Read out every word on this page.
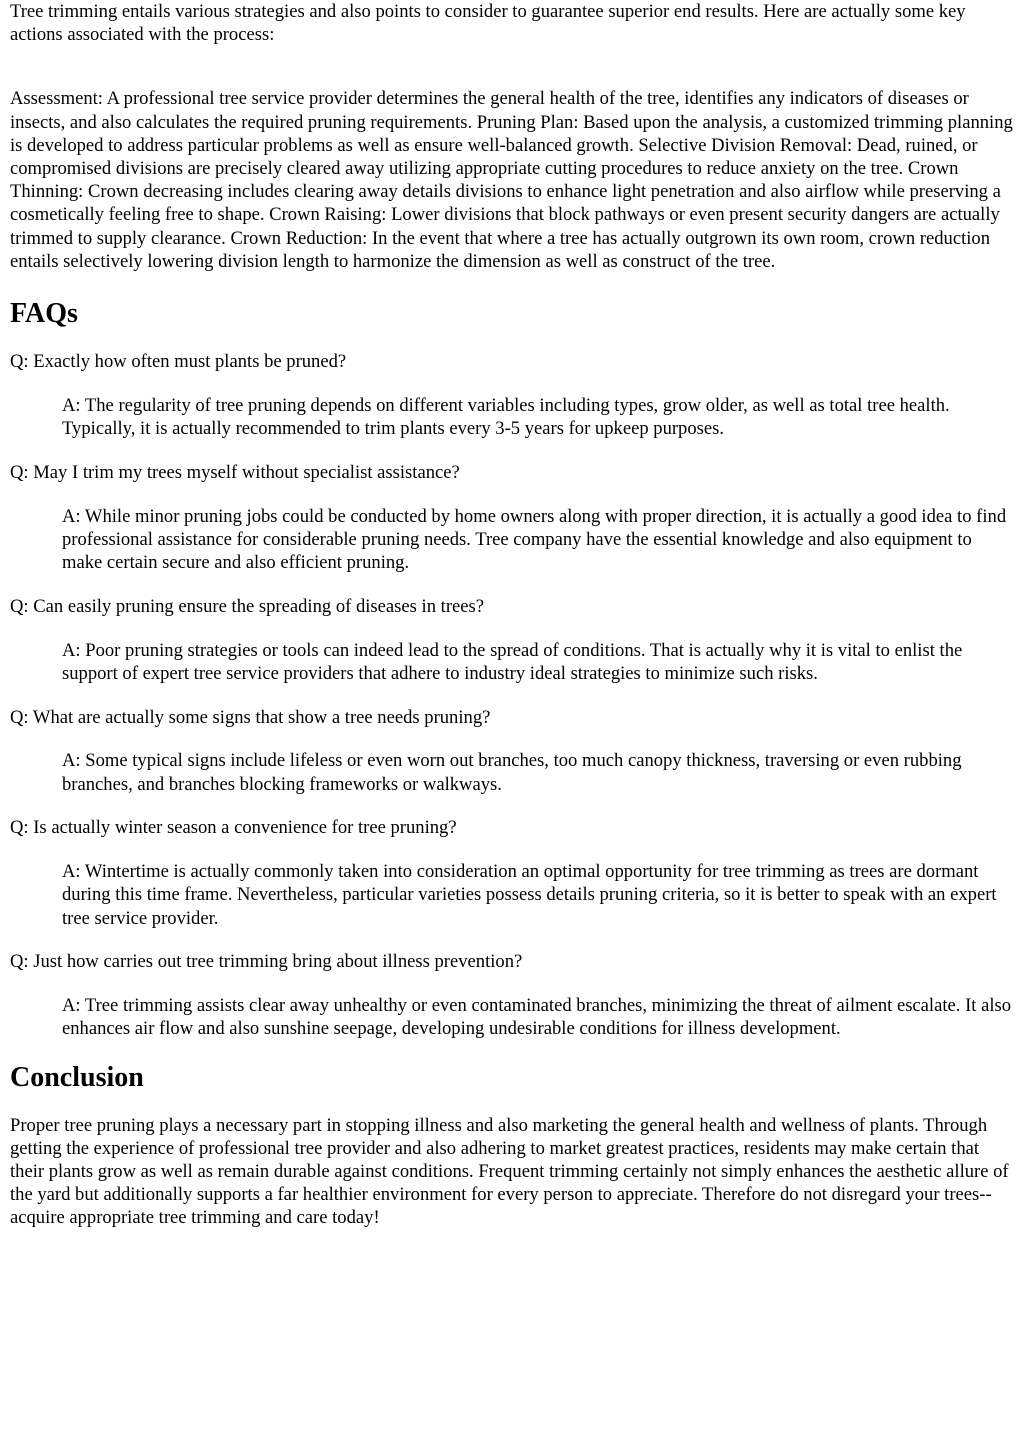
Tree trimming entails various strategies and also points to consider to guarantee superior end results. Here are actually some key actions associated with the process:

Assessment: A professional tree service provider determines the general health of the tree, identifies any indicators of diseases or insects, and also calculates the required pruning requirements. Pruning Plan: Based upon the analysis, a customized trimming planning is developed to address particular problems as well as ensure well-balanced growth. Selective Division Removal: Dead, ruined, or compromised divisions are precisely cleared away utilizing appropriate cutting procedures to reduce anxiety on the tree. Crown Thinning: Crown decreasing includes clearing away details divisions to enhance light penetration and also airflow while preserving a cosmetically feeling free to shape. Crown Raising: Lower divisions that block pathways or even present security dangers are actually trimmed to supply clearance. Crown Reduction: In the event that where a tree has actually outgrown its own room, crown reduction entails selectively lowering division length to harmonize the dimension as well as construct of the tree.

FAQs

Q: Exactly how often must plants be pruned?

A: The regularity of tree pruning depends on different variables including types, grow older, as well as total tree health. Typically, it is actually recommended to trim plants every 3-5 years for upkeep purposes.

Q: May I trim my trees myself without specialist assistance?

A: While minor pruning jobs could be conducted by home owners along with proper direction, it is actually a good idea to find professional assistance for considerable pruning needs. Tree company have the essential knowledge and also equipment to make certain secure and also efficient pruning.

Q: Can easily pruning ensure the spreading of diseases in trees?

A: Poor pruning strategies or tools can indeed lead to the spread of conditions. That is actually why it is vital to enlist the support of expert tree service providers that adhere to industry ideal strategies to minimize such risks.

Q: What are actually some signs that show a tree needs pruning?

A: Some typical signs include lifeless or even worn out branches, too much canopy thickness, traversing or even rubbing branches, and branches blocking frameworks or walkways.

Q: Is actually winter season a convenience for tree pruning?

A: Wintertime is actually commonly taken into consideration an optimal opportunity for tree trimming as trees are dormant during this time frame. Nevertheless, particular varieties possess details pruning criteria, so it is better to speak with an expert tree service provider.

Q: Just how carries out tree trimming bring about illness prevention?

A: Tree trimming assists clear away unhealthy or even contaminated branches, minimizing the threat of ailment escalate. It also enhances air flow and also sunshine seepage, developing undesirable conditions for illness development.

Conclusion

Proper tree pruning plays a necessary part in stopping illness and also marketing the general health and wellness of plants. Through getting the experience of professional tree provider and also adhering to market greatest practices, residents may make certain that their plants grow as well as remain durable against conditions. Frequent trimming certainly not simply enhances the aesthetic allure of the yard but additionally supports a far healthier environment for every person to appreciate. Therefore do not disregard your trees-- acquire appropriate tree trimming and care today!
